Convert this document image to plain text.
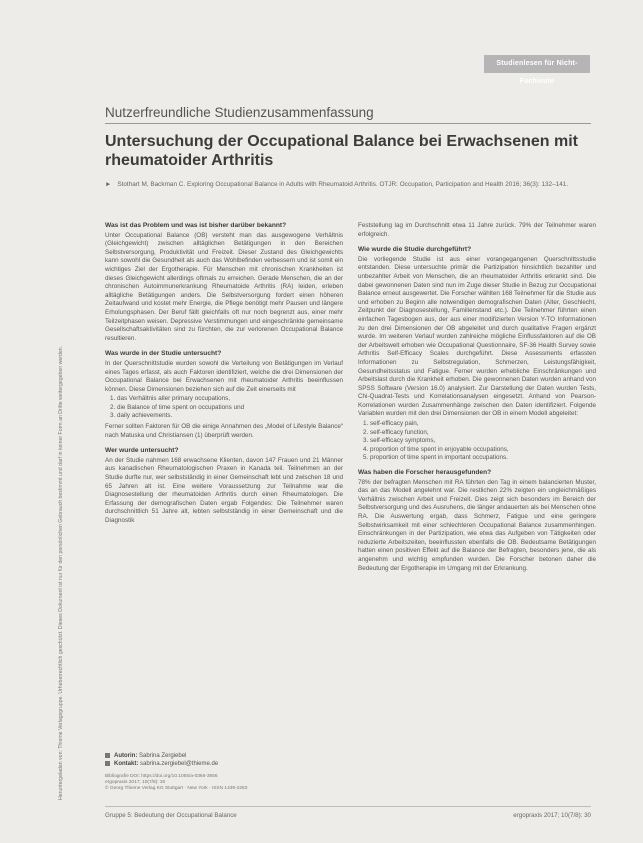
Heruntergeladen von: Thieme Verlagsgruppe. Urheberrechtlich geschützt. Dieses Dokument ist nur für den persönlichen Gebrauch bestimmt und darf in keiner Form an Dritte weitergegeben werden.
Studienlesen für Nicht-Fachleute
Nutzerfreundliche Studienzusammenfassung
Untersuchung der Occupational Balance bei Erwachsenen mit rheumatoider Arthritis
► Stothart M, Backman C. Exploring Occupational Balance in Adults with Rheumatoid Arthritis. OTJR: Occupation, Participation and Health 2016; 36(3): 132–141.
Was ist das Problem und was ist bisher darüber bekannt?

Unter Occupational Balance (OB) versteht man das ausgewogene Verhältnis (Gleichgewicht) zwischen alltäglichen Betätigungen in den Bereichen Selbstversorgung, Produktivität und Freizeit. Dieser Zustand des Gleichgewichts kann sowohl die Gesundheit als auch das Wohlbefinden verbessern und ist somit ein wichtiges Ziel der Ergotherapie. Für Menschen mit chronischen Krankheiten ist dieses Gleichgewicht allerdings oftmals zu erreichen. Gerade Menschen, die an der chronischen Autoimmunerkrankung Rheumatoide Arthritis (RA) leiden, erleben alltägliche Betätigungen anders. Die Selbstversorgung fordert einen höheren Zeitaufwand und kostet mehr Energie, die Pflege benötigt mehr Pausen und längere Erholungsphasen. Der Beruf fällt gleichfalls oft nur noch begrenzt aus, einer mehr Teilzeitphasen weisen. Depressive Verstimmungen und eingeschränkte gemeinsame Gesellschaftsaktivitäten sind zu fürchten, die zur verlorenen Occupational Balance resultieren.

Was wurde in der Studie untersucht?

In der Querschnittstudie wurden sowohl die Verteilung von Betätigungen im Verlauf eines Tages erfasst, als auch Faktoren identifiziert, welche die drei Dimensionen der Occupational Balance bei Erwachsenen mit rheumatoider Arthritis beeinflussen können. Diese Dimensionen beziehen sich auf die Zeit einerseits mit

1. das Verhältnis aller primary occupations,
2. die Balance of time spent on occupations und
3. daily achievements.

Ferner sollten Faktoren für OB die einige Annahmen des „Model of Lifestyle Balance“ nach Matuska und Christiansen (1) überprüft werden.

Wer wurde untersucht?

An der Studie nahmen 168 erwachsene Klienten, davon 147 Frauen und 21 Männer aus kanadischen Rheumatologischen Praxen in Kanada teil. Teilnehmen an der Studie durfte nur, wer selbstständig in einer Gemeinschaft lebt und zwischen 18 und 65 Jahren alt ist. Eine weitere Voraussetzung zur Teilnahme war die Diagnosestellung der rheumatoiden Arthritis durch einen Rheumatologen. Die Erfassung der demografischen Daten ergab Folgendes: Die Teilnehmer waren durchschnittlich 51 Jahre alt, lebten selbstständig in einer Gemeinschaft und die Diagnostik

Feststellung lag im Durchschnitt etwa 11 Jahre zurück. 79% der Teilnehmer waren erfolgreich.

Wie wurde die Studie durchgeführt?

Die vorliegende Studie ist aus einer vorangegangenen Querschnittsstudie entstanden. Diese untersuchte primär die Partizipation hinsichtlich bezahlter und unbezahlter Arbeit von Menschen, die an rheumatoider Arthritis erkrankt sind. Die dabei gewonnenen Daten sind nun im Zuge dieser Studie in Bezug zur Occupational Balance erneut ausgewertet. Die Forscher wählten 168 Teilnehmer für die Studie aus und erhoben zu Beginn alle notwendigen demografischen Daten (Alter, Geschlecht, Zeitpunkt der Diagnosestellung, Familienstand etc.). Die Teilnehmer führten einen einfachen Tagesbogen aus, der aus einer modifizierten Version Y-TO Informationen zu den drei Dimensionen der OB abgeleitet und durch qualitative Fragen ergänzt wurde. Im weiteren Verlauf wurden zahlreiche mögliche Einflussfaktoren auf die OB der Arbeitswelt erhoben wie Occupational Questionnaire, SF-36 Health Survey sowie Arthritis Self-Efficacy Scales durchgeführt. Diese Assessments erfassten Informationen zu Selbstregulation, Schmerzen, Leistungsfähigkeit, Gesundheitsstatus und Fatigue. Ferner wurden erhebliche Einschränkungen und Arbeitslast durch die Krankheit erhoben. Die gewonnenen Daten wurden anhand von SPSS Software (Version 16.0) analysiert. Zur Darstellung der Daten wurden Tests, Chi-Quadrat-Tests und Korrelationsanalysen eingesetzt. Anhand von Pearson-Korrelationen wurden Zusammenhänge zwischen den Daten identifiziert. Folgende Variablen wurden mit den drei Dimensionen der OB in einem Modell abgeleitet:

1. self-efficacy pain,
2. self-efficacy function,
3. self-efficacy symptoms,
4. proportion of time spent in enjoyable occupations,
5. proportion of time spent in important occupations.
Was haben die Forscher herausgefunden?

78% der befragten Menschen mit RA führten den Tag in einem balancierten Muster, das an das Modell angelehnt war. Die restlichen 22% zeigten ein ungleichmäßiges Verhältnis zwischen Arbeit und Freizeit. Dies zeigt sich besonders im Bereich der Selbstversorgung und des Ausruhens, die länger andauerten als bei Menschen ohne RA. Die Auswertung ergab, dass Schmerz, Fatigue und eine geringere Selbstwirksamkeit mit einer schlechteren Occupational Balance zusammenhingen. Einschränkungen in der Partizipation, wie etwa das Aufgeben von Tätigkeiten oder reduzierte Arbeitszeiten, beeinflussten ebenfalls die OB. Bedeutsame Betätigungen hatten einen positiven Effekt auf die Balance der Befragten, besonders jene, die als angenehm und wichtig empfunden wurden. Die Forscher betonen daher die Bedeutung der Ergotherapie im Umgang mit der Erkrankung.

Autorin: Sabrina Zergiebel
Kontakt: sabrina.zergiebel@thieme.de
Bibliografie DOI: https://doi.org/10.1055/a-0366-3856
ergopraxis 2017; 10(7/8): 30
© Georg Thieme Verlag KG Stuttgart · New York · ISSN 1439-2283
Gruppe 5: Bedeutung der Occupational Balance	ergopraxis 2017; 10(7/8): 30
